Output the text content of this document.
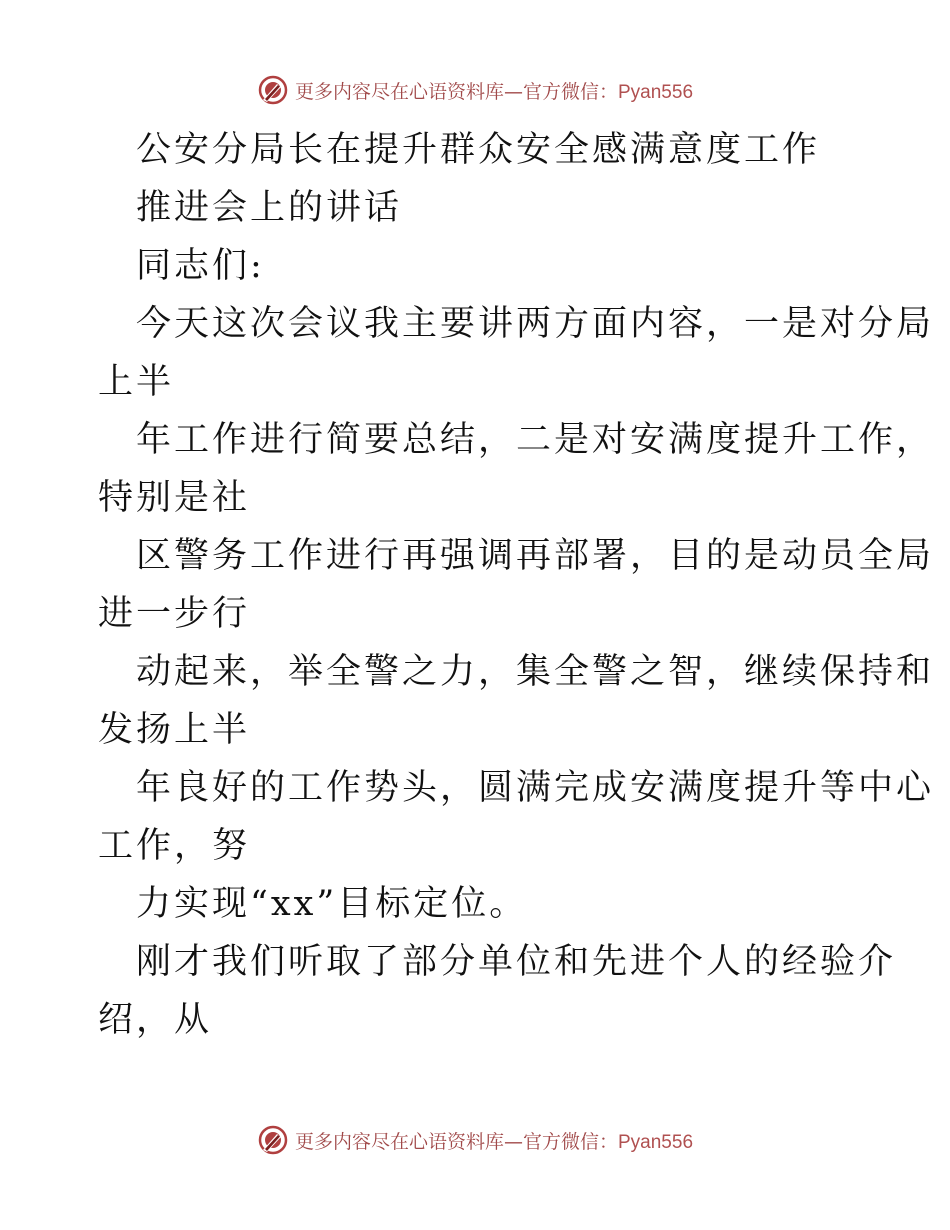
更多内容尽在心语资料库—官方微信：Pyan556
公安分局长在提升群众安全感满意度工作
推进会上的讲话
同志们:
今天这次会议我主要讲两方面内容，一是对分局
上半
年工作进行简要总结，二是对安满度提升工作，
特别是社
区警务工作进行再强调再部署，目的是动员全局
进一步行
动起来，举全警之力，集全警之智，继续保持和
发扬上半
年良好的工作势头，圆满完成安满度提升等中心
工作，努
力实现“xx”目标定位。
刚才我们听取了部分单位和先进个人的经验介
绍，从
更多内容尽在心语资料库—官方微信：Pyan556
